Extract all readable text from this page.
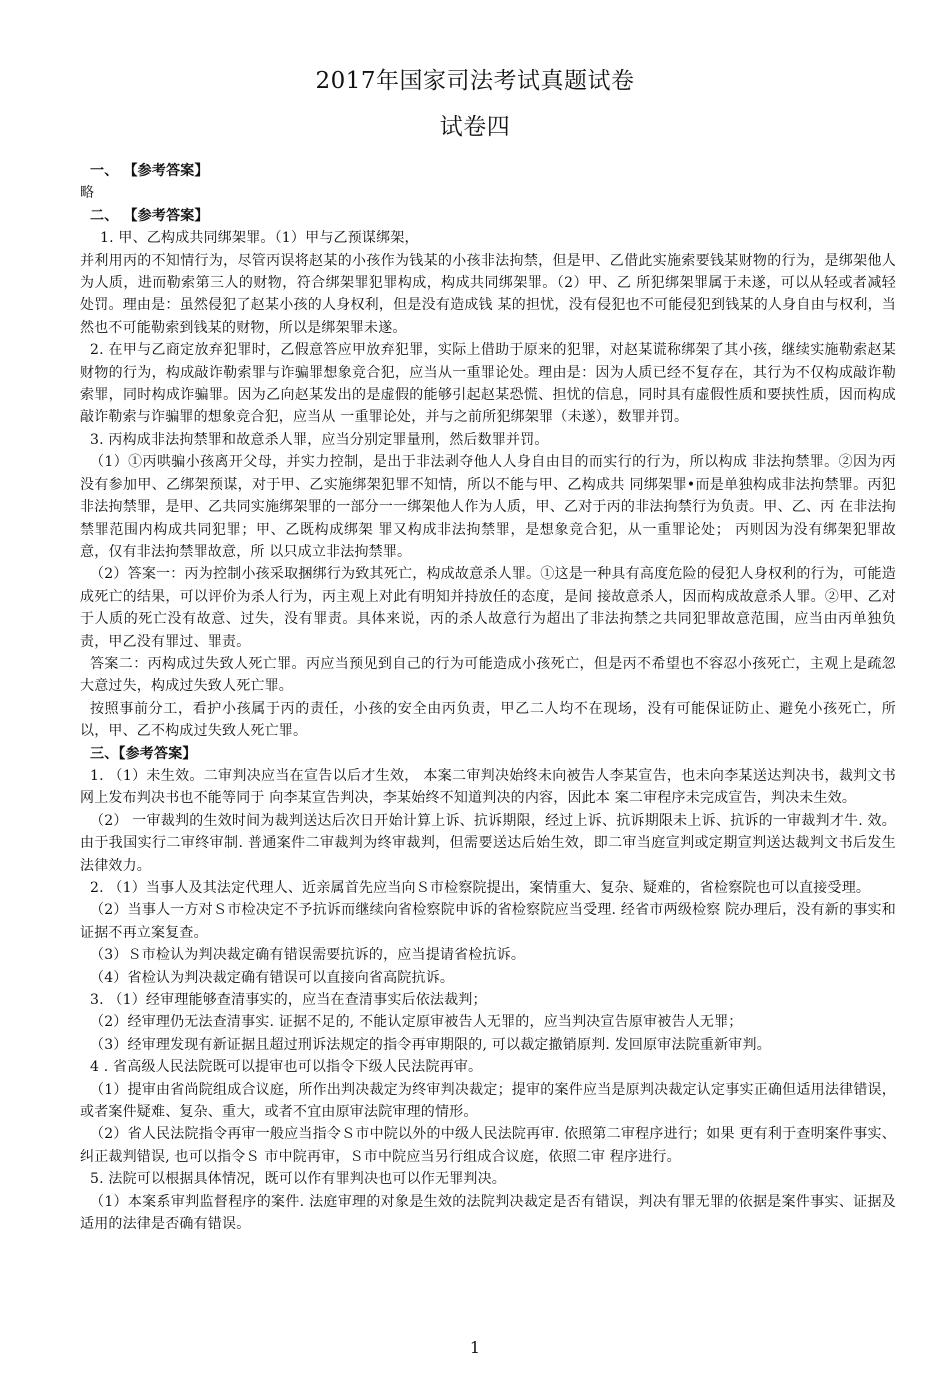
2017年国家司法考试真题试卷
试卷四

一、 【参考答案】

略

二、 【参考答案】

1. 甲、乙构成共同绑架罪。（1）甲与乙预谋绑架，

并利用丙的不知情行为，尽管丙误将赵某的小孩作为钱某的小孩非法拘禁，但是甲、乙借此实施索要钱某财物的行为，是绑架他人为人质，进而勒索第三人的财物，符合绑架罪犯罪构成，构成共同绑架罪。（2）甲、乙 所犯绑架罪属于未遂，可以从轻或者减轻处罚。理由是：虽然侵犯了赵某小孩的人身权利，但是没有造成钱 某的担忧，没有侵犯也不可能侵犯到钱某的人身自由与权利，当然也不可能勒索到钱某的财物，所以是绑架罪未遂。

2. 在甲与乙商定放弃犯罪时，乙假意答应甲放弃犯罪，实际上借助于原来的犯罪，对赵某谎称绑架了其小孩，继续实施勒索赵某财物的行为，构成敲诈勒索罪与诈骗罪想象竞合犯，应当从一重罪论处。理由是：因为人质已经不复存在，其行为不仅构成敲诈勒索罪，同时构成诈骗罪。因为乙向赵某发出的是虚假的能够引起赵某恐慌、担忧的信息，同时具有虚假性质和要挟性质，因而构成敲诈勒索与诈骗罪的想象竞合犯，应当从 一重罪论处，并与之前所犯绑架罪（未遂），数罪并罚。

3. 丙构成非法拘禁罪和故意杀人罪，应当分别定罪量刑，然后数罪并罚。

（1）①丙哄骗小孩离开父母，并实力控制，是出于非法剥夺他人人身自由目的而实行的行为，所以构成 非法拘禁罪。②因为丙没有参加甲、乙绑架预谋，对于甲、乙实施绑架犯罪不知情，所以不能与甲、乙构成共 同绑架罪•而是单独构成非法拘禁罪。丙犯非法拘禁罪，是甲、乙共同实施绑架罪的一部分一一绑架他人作为人质，甲、乙对于丙的非法拘禁行为负责。甲、乙、丙 在非法拘禁罪范围内构成共同犯罪；甲、乙既构成绑架 罪又构成非法拘禁罪，是想象竞合犯，从一重罪论处； 丙则因为没有绑架犯罪故意，仅有非法拘禁罪故意，所 以只成立非法拘禁罪。

（2）答案一：丙为控制小孩采取捆绑行为致其死亡，构成故意杀人罪。①这是一种具有高度危险的侵犯人身权利的行为，可能造成死亡的结果，可以评价为杀人行为，丙主观上对此有明知并持放任的态度，是间 接故意杀人，因而构成故意杀人罪。②甲、乙对于人质的死亡没有故意、过失，没有罪责。具体来说，丙的杀人故意行为超出了非法拘禁之共同犯罪故意范围，应当由丙单独负责，甲乙没有罪过、罪责。

答案二：丙构成过失致人死亡罪。丙应当预见到自己的行为可能造成小孩死亡，但是丙不希望也不容忍小孩死亡，主观上是疏忽大意过失，构成过失致人死亡罪。

按照事前分工，看护小孩属于丙的责任，小孩的安全由丙负责，甲乙二人均不在现场，没有可能保证防止、避免小孩死亡，所以，甲、乙不构成过失致人死亡罪。

三、【参考答案】

1. （1）未生效。二审判决应当在宣告以后才生效， 本案二审判决始终未向被告人李某宣告，也未向李某送达判决书，裁判文书网上发布判决书也不能等同于 向李某宣告判决，李某始终不知道判决的内容，因此本 案二审程序未完成宣告，判决未生效。

（2） 一审裁判的生效时间为裁判送达后次日开始计算上诉、抗诉期限，经过上诉、抗诉期限未上诉、抗诉的一审裁判才牛. 效。由于我国实行二审终审制. 普通案件二审裁判为终审裁判，但需要送达后始生效，即二审当庭宣判或定期宣判送达裁判文书后发生法律效力。

2. （1）当事人及其法定代理人、近亲属首先应当向Ｓ市检察院提出，案情重大、复杂、疑难的，省检察院也可以直接受理。

（2）当事人一方对Ｓ市检决定不予抗诉而继续向省检察院申诉的省检察院应当受理. 经省市两级检察 院办理后，没有新的事实和证据不再立案复查。

（3）Ｓ市检认为判决裁定确有错误需要抗诉的，应当提请省检抗诉。

（4）省检认为判决裁定确有错误可以直接向省高院抗诉。

3. （1）经审理能够查清事实的，应当在查清事实后依法裁判；

（2）经审理仍无法查清事实. 证据不足的, 不能认定原审被告人无罪的，应当判决宣告原审被告人无罪；

（3）经审理发现有新证据且超过刑诉法规定的指令再审期限的, 可以裁定撤销原判. 发回原审法院重新审判。

4 . 省高级人民法院既可以提审也可以指令下级人民法院再审。

（1）提审由省尚院组成合议庭，所作出判决裁定为终审判决裁定；提审的案件应当是原判决裁定认定事实正确但适用法律错误，或者案件疑难、复杂、重大，或者不宜由原审法院审理的情形。

（2）省人民法院指令再审一般应当指令Ｓ市中院以外的中级人民法院再审. 依照第二审程序进行；如果 更有利于查明案件事实、纠正裁判错误, 也可以指令Ｓ 市中院再审，Ｓ市中院应当另行组成合议庭，依照二审 程序进行。

5. 法院可以根据具体情况，既可以作有罪判决也可以作无罪判决。

（1）本案系审判监督程序的案件. 法庭审理的对象是生效的法院判决裁定是否有错误，判决有罪无罪的依据是案件事实、证据及适用的法律是否确有错误。

1
